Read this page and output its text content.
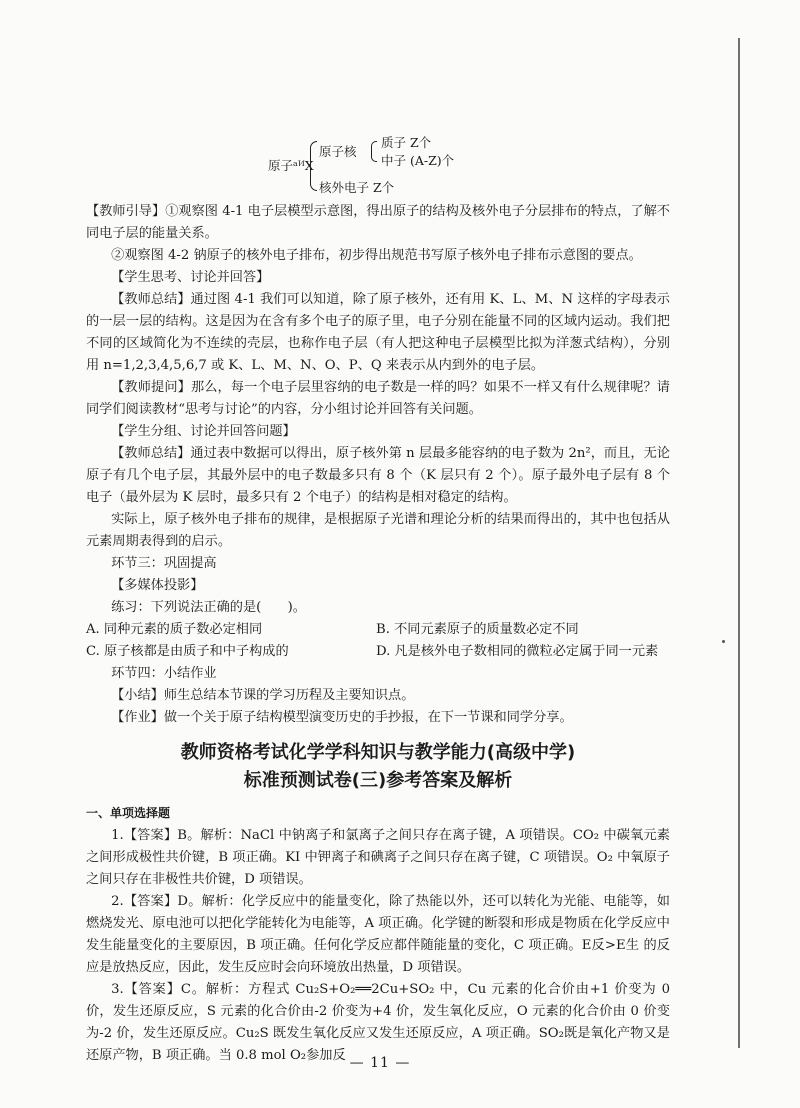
原子ᵃᴻX
原子核
质子 Z个
中子 (A-Z)个
核外电子 Z个

【教师引导】①观察图 4-1 电子层模型示意图，得出原子的结构及核外电子分层排布的特点，了解不同电子层的能量关系。

②观察图 4-2 钠原子的核外电子排布，初步得出规范书写原子核外电子排布示意图的要点。

【学生思考、讨论并回答】

【教师总结】通过图 4-1 我们可以知道，除了原子核外，还有用 K、L、M、N 这样的字母表示的一层一层的结构。这是因为在含有多个电子的原子里，电子分别在能量不同的区域内运动。我们把不同的区域简化为不连续的壳层，也称作电子层（有人把这种电子层模型比拟为洋葱式结构），分别用 n=1,2,3,4,5,6,7 或 K、L、M、N、O、P、Q 来表示从内到外的电子层。

【教师提问】那么，每一个电子层里容纳的电子数是一样的吗？如果不一样又有什么规律呢？请同学们阅读教材“思考与讨论”的内容，分小组讨论并回答有关问题。

【学生分组、讨论并回答问题】

【教师总结】通过表中数据可以得出，原子核外第 n 层最多能容纳的电子数为 2n²，而且，无论原子有几个电子层，其最外层中的电子数最多只有 8 个（K 层只有 2 个）。原子最外电子层有 8 个电子（最外层为 K 层时，最多只有 2 个电子）的结构是相对稳定的结构。

实际上，原子核外电子排布的规律，是根据原子光谱和理论分析的结果而得出的，其中也包括从元素周期表得到的启示。

环节三：巩固提高

【多媒体投影】

练习：下列说法正确的是(　　)。

A. 同种元素的质子数必定相同	B. 不同元素原子的质量数必定不同
C. 原子核都是由质子和中子构成的	D. 凡是核外电子数相同的微粒必定属于同一元素

环节四：小结作业

【小结】师生总结本节课的学习历程及主要知识点。

【作业】做一个关于原子结构模型演变历史的手抄报，在下一节课和同学分享。

教师资格考试化学学科知识与教学能力(高级中学)
标准预测试卷(三)参考答案及解析
一、单项选择题

1.【答案】B。解析：NaCl 中钠离子和氯离子之间只存在离子键，A 项错误。CO₂ 中碳氧元素之间形成极性共价键，B 项正确。KI 中钾离子和碘离子之间只存在离子键，C 项错误。O₂ 中氧原子之间只存在非极性共价键，D 项错误。

2.【答案】D。解析：化学反应中的能量变化，除了热能以外，还可以转化为光能、电能等，如燃烧发光、原电池可以把化学能转化为电能等，A 项正确。化学键的断裂和形成是物质在化学反应中发生能量变化的主要原因，B 项正确。任何化学反应都伴随能量的变化，C 项正确。E反>E生 的反应是放热反应，因此，发生反应时会向环境放出热量，D 项错误。

3.【答案】C。解析：方程式 Cu₂S+O₂══2Cu+SO₂ 中，Cu 元素的化合价由+1 价变为 0 价，发生还原反应，S 元素的化合价由-2 价变为+4 价，发生氧化反应，O 元素的化合价由 0 价变为-2 价，发生还原反应。Cu₂S 既发生氧化反应又发生还原反应，A 项正确。SO₂既是氧化产物又是还原产物，B 项正确。当 0.8 mol O₂参加反 — 11 —
